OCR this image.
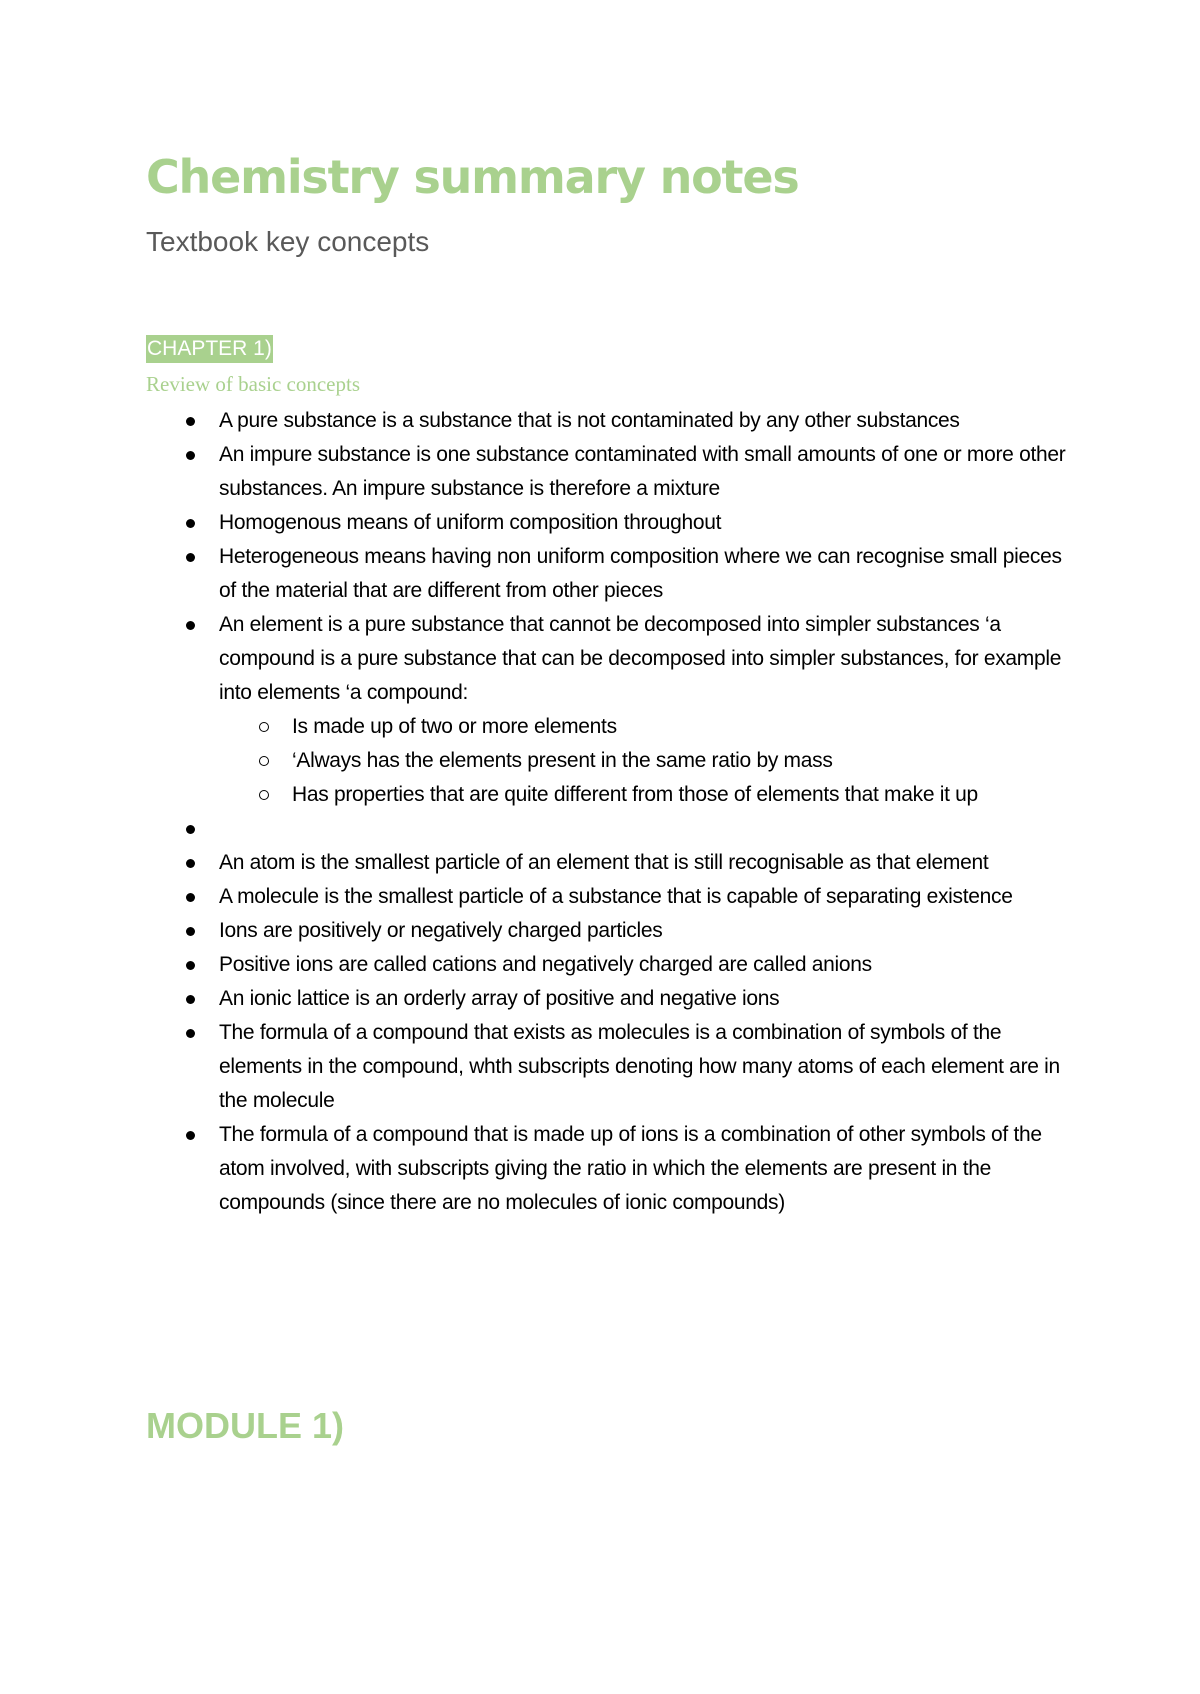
Chemistry summary notes

Textbook key concepts

CHAPTER 1)

Review of basic concepts

A pure substance is a substance that is not contaminated by any other substances
An impure substance is one substance contaminated with small amounts of one or more other substances. An impure substance is therefore a mixture
Homogenous means of uniform composition throughout
Heterogeneous means having non uniform composition where we can recognise small pieces of the material that are different from other pieces
An element is a pure substance that cannot be decomposed into simpler substances ‘a compound is a pure substance that can be decomposed into simpler substances, for example into elements ‘a compound:
Is made up of two or more elements
‘Always has the elements present in the same ratio by mass
Has properties that are quite different from those of elements that make it up

An atom is the smallest particle of an element that is still recognisable as that element
A molecule is the smallest particle of a substance that is capable of separating existence
Ions are positively or negatively charged particles
Positive ions are called cations and negatively charged are called anions
An ionic lattice is an orderly array of positive and negative ions
The formula of a compound that exists as molecules is a combination of symbols of the elements in the compound, whth subscripts denoting how many atoms of each element are in the molecule
The formula of a compound that is made up of ions is a combination of other symbols of the atom involved, with subscripts giving the ratio in which the elements are present in the compounds (since there are no molecules of ionic compounds)
MODULE 1)
